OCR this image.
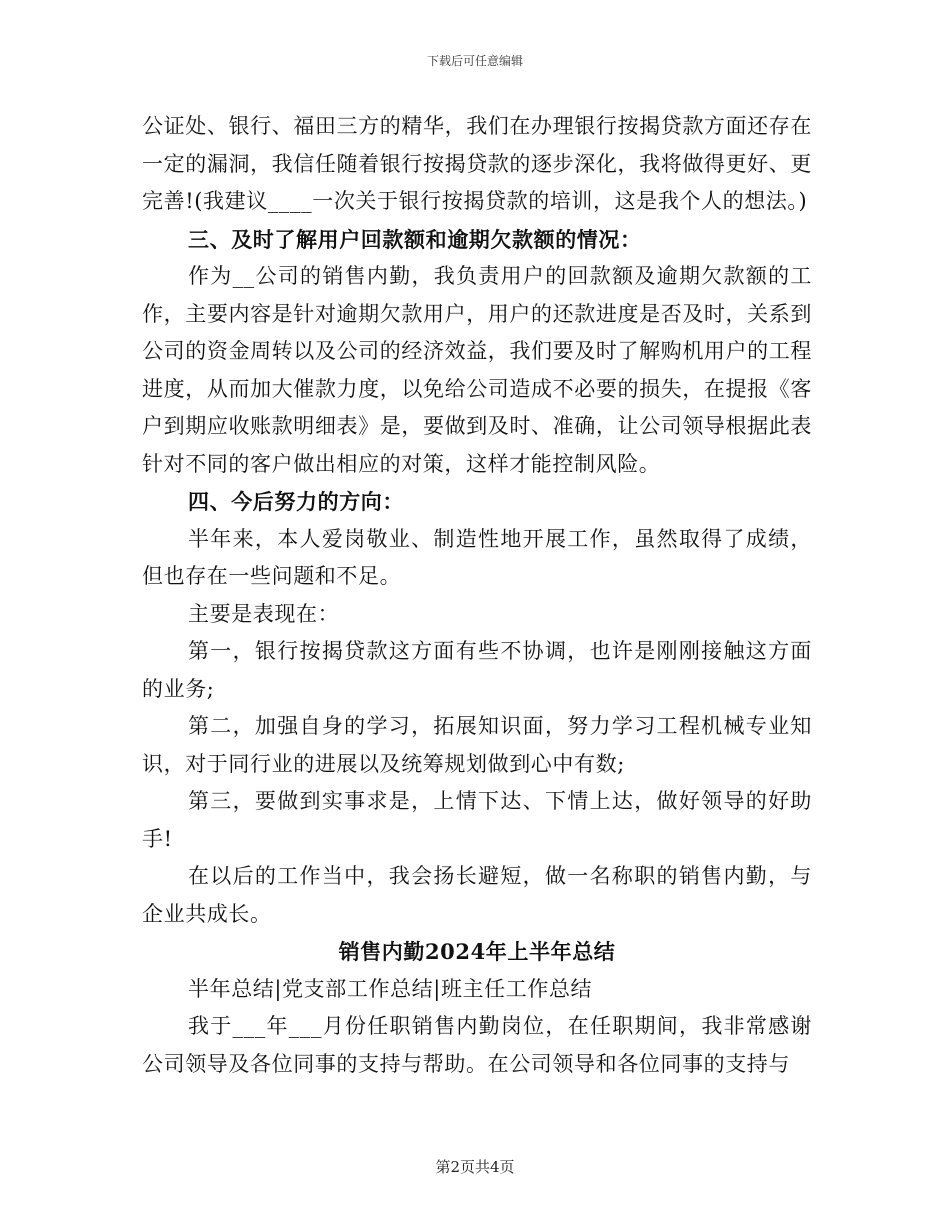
下载后可任意编辑

公证处、银行、福田三方的精华，我们在办理银行按揭贷款方面还存在一定的漏洞，我信任随着银行按揭贷款的逐步深化，我将做得更好、更完善!(我建议____一次关于银行按揭贷款的培训，这是我个人的想法。)

三、及时了解用户回款额和逾期欠款额的情况：

作为__公司的销售内勤，我负责用户的回款额及逾期欠款额的工作，主要内容是针对逾期欠款用户，用户的还款进度是否及时，关系到公司的资金周转以及公司的经济效益，我们要及时了解购机用户的工程进度，从而加大催款力度，以免给公司造成不必要的损失，在提报《客户到期应收账款明细表》是，要做到及时、准确，让公司领导根据此表针对不同的客户做出相应的对策，这样才能控制风险。

四、今后努力的方向：

半年来，本人爱岗敬业、制造性地开展工作，虽然取得了成绩，但也存在一些问题和不足。

主要是表现在：

第一，银行按揭贷款这方面有些不协调，也许是刚刚接触这方面的业务;

第二，加强自身的学习，拓展知识面，努力学习工程机械专业知识，对于同行业的进展以及统筹规划做到心中有数;

第三，要做到实事求是，上情下达、下情上达，做好领导的好助手!

在以后的工作当中，我会扬长避短，做一名称职的销售内勤，与企业共成长。

销售内勤2024年上半年总结

半年总结|党支部工作总结|班主任工作总结

我于___年___月份任职销售内勤岗位，在任职期间，我非常感谢公司领导及各位同事的支持与帮助。在公司领导和各位同事的支持与

第2页共4页
